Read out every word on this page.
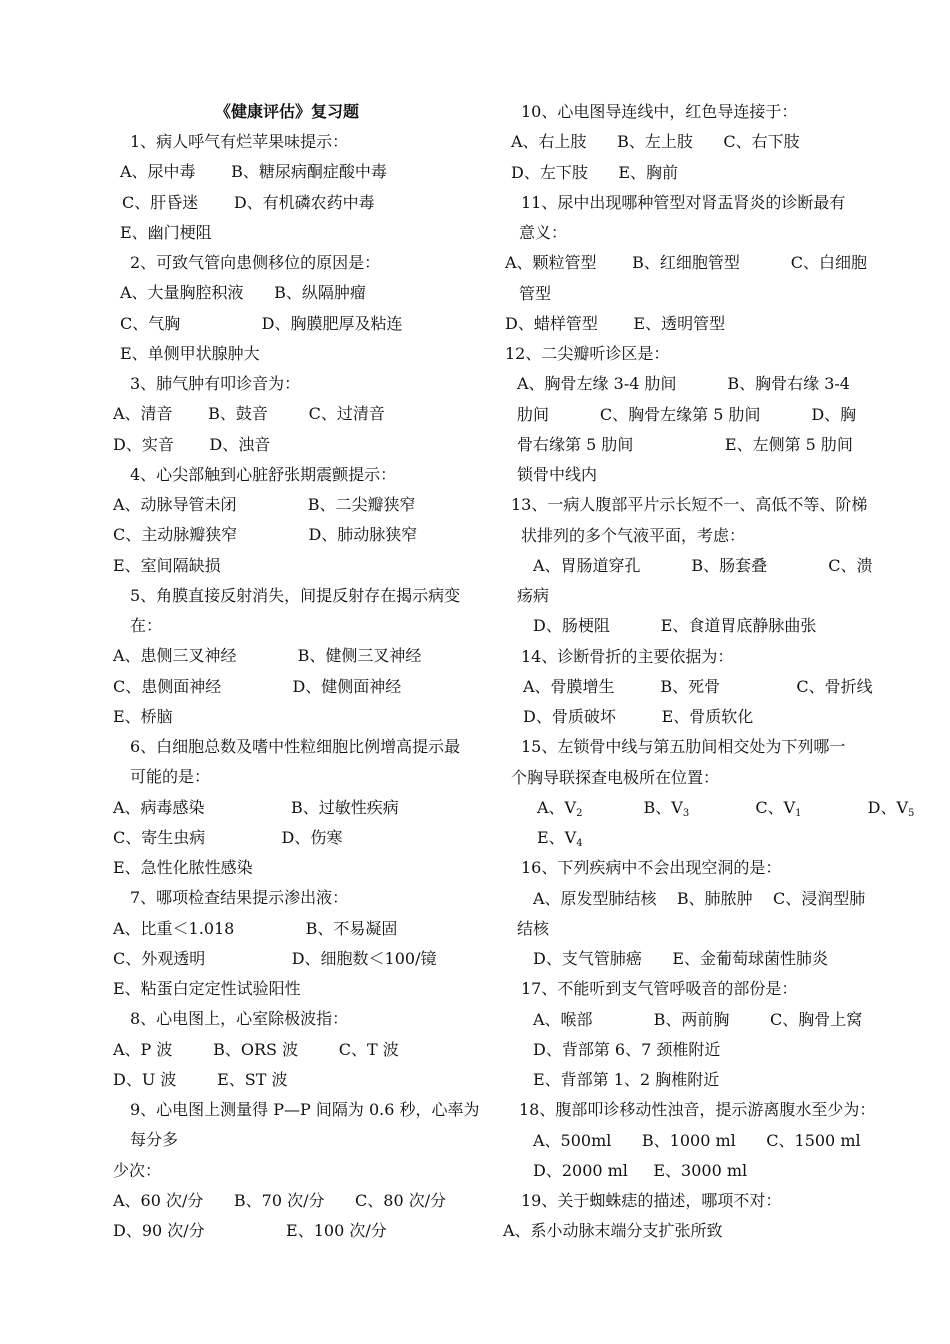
《健康评估》复习题
1、病人呼气有烂苹果味提示：
A、尿中毒       B、糖尿病酮症酸中毒
C、肝昏迷       D、有机磷农药中毒
E、幽门梗阻
2、可致气管向患侧移位的原因是：
A、大量胸腔积液      B、纵隔肿瘤
C、气胸                D、胸膜肥厚及粘连
E、单侧甲状腺肿大
3、肺气肿有叩诊音为：
A、清音       B、鼓音        C、过清音
D、实音       D、浊音
4、心尖部触到心脏舒张期震颤提示：
A、动脉导管未闭              B、二尖瓣狭窄
C、主动脉瓣狭窄              D、肺动脉狭窄
E、室间隔缺损
5、角膜直接反射消失，间提反射存在揭示病变
在：
A、患侧三叉神经            B、健侧三叉神经
C、患侧面神经              D、健侧面神经
E、桥脑
6、白细胞总数及嗜中性粒细胞比例增高提示最
可能的是：
A、病毒感染                 B、过敏性疾病
C、寄生虫病               D、伤寒
E、急性化脓性感染
7、哪项检查结果提示渗出液：
A、比重＜1.018              B、不易凝固
C、外观透明                 D、细胞数＜100/镜
E、粘蛋白定定性试验阳性
8、心电图上，心室除极波指：
A、P 波        B、ORS 波        C、T 波
D、U 波        E、ST 波
9、心电图上测量得 P—P 间隔为 0.6 秒，心率为
每分多
少次：
A、60 次/分      B、70 次/分      C、80 次/分
D、90 次/分                E、100 次/分
10、心电图导连线中，红色导连接于：
A、右上肢      B、左上肢      C、右下肢
D、左下肢      E、胸前
11、尿中出现哪种管型对肾盂肾炎的诊断最有
意义：
A、颗粒管型       B、红细胞管型          C、白细胞
管型
D、蜡样管型       E、透明管型
12、二尖瓣听诊区是：
A、胸骨左缘 3-4 肋间          B、胸骨右缘 3-4
肋间          C、胸骨左缘第 5 肋间          D、胸
骨右缘第 5 肋间                  E、左侧第 5 肋间
锁骨中线内
13、一病人腹部平片示长短不一、高低不等、阶梯
状排列的多个气液平面，考虑：
A、胃肠道穿孔          B、肠套叠            C、溃
疡病
D、肠梗阻          E、食道胃底静脉曲张
14、诊断骨折的主要依据为：
A、骨膜增生         B、死骨               C、骨折线
D、骨质破坏         E、骨质软化
15、左锁骨中线与第五肋间相交处为下列哪一
个胸导联探查电极所在位置：
A、$V_2$            B、$V_3$             C、$V_1$             D、$V_5$
E、$V_4$
16、下列疾病中不会出现空洞的是：
A、原发型肺结核    B、肺脓肿    C、浸润型肺
结核
D、支气管肺癌      E、金葡萄球菌性肺炎
17、不能听到支气管呼吸音的部份是：
A、喉部            B、两前胸        C、胸骨上窝
D、背部第 6、7 颈椎附近
E、背部第 1、2 胸椎附近
18、腹部叩诊移动性浊音，提示游离腹水至少为：
A、500ml      B、1000 ml      C、1500 ml
D、2000 ml     E、3000 ml
19、关于蜘蛛痣的描述，哪项不对：
A、系小动脉末端分支扩张所致
